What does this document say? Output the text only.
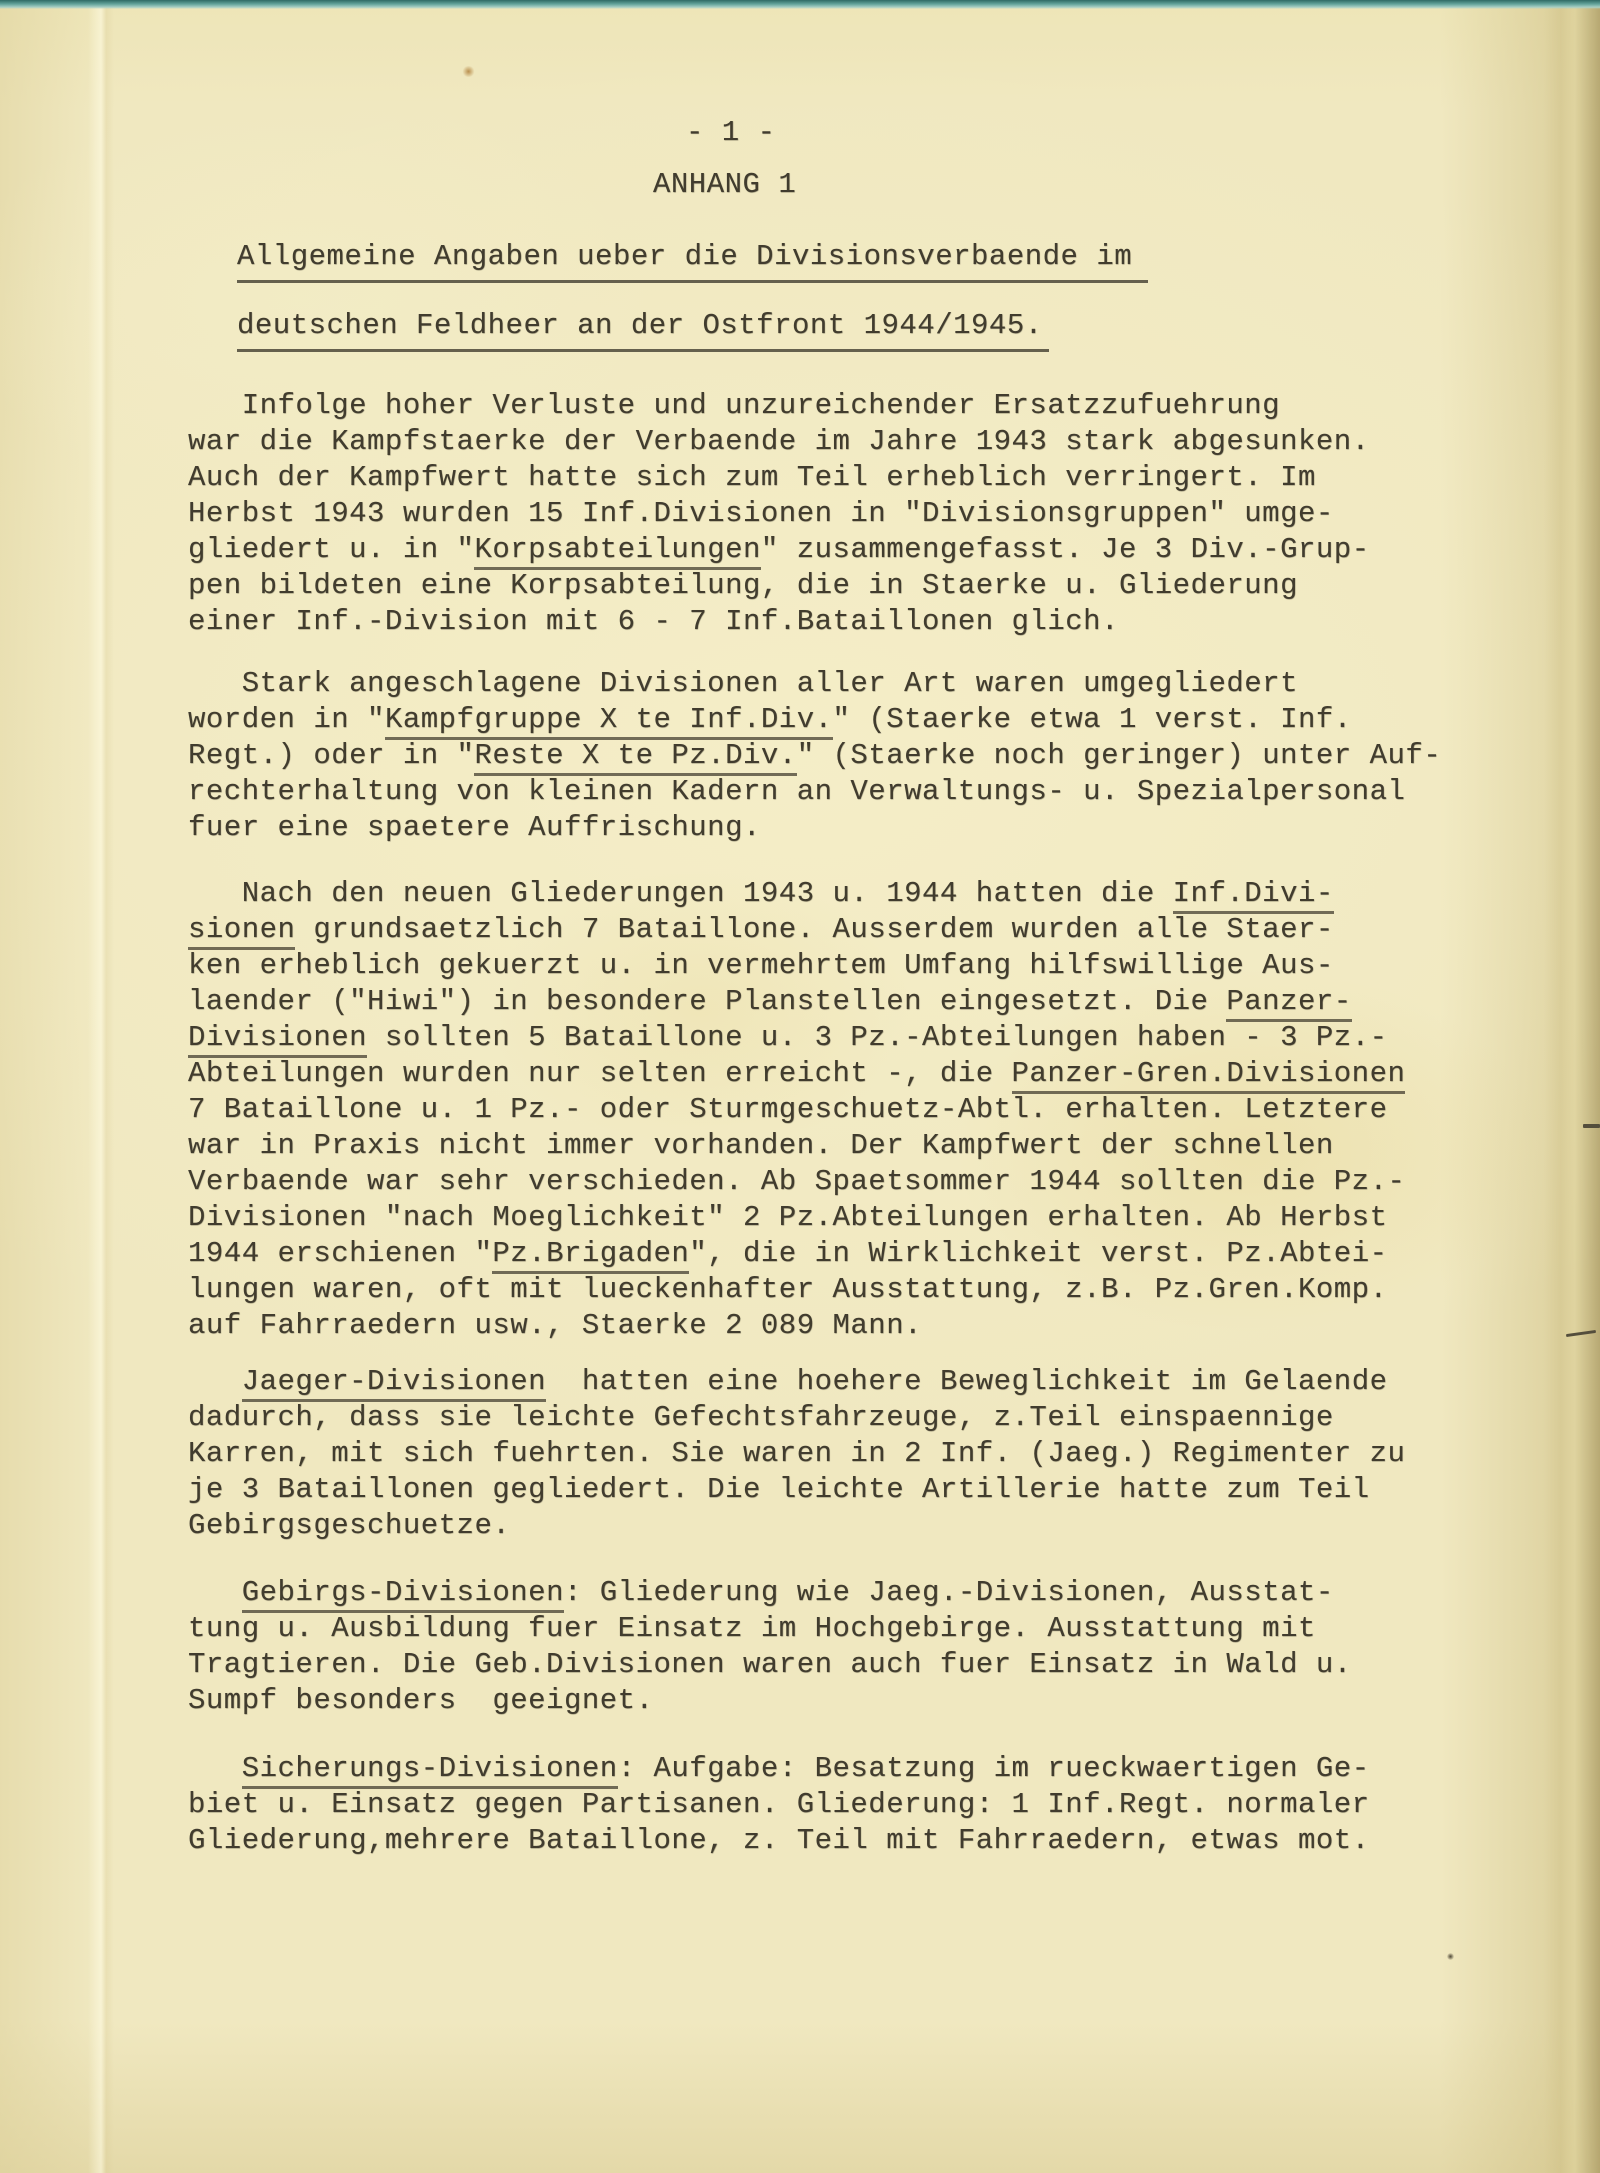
- 1 -
ANHANG 1
Allgemeine Angaben ueber die Divisionsverbaende im
deutschen Feldheer an der Ostfront 1944/1945.
Infolge hoher Verluste und unzureichender Ersatzzufuehrung
war die Kampfstaerke der Verbaende im Jahre 1943 stark abgesunken.
Auch der Kampfwert hatte sich zum Teil erheblich verringert. Im
Herbst 1943 wurden 15 Inf.Divisionen in "Divisionsgruppen" umge-
gliedert u. in "Korpsabteilungen" zusammengefasst. Je 3 Div.-Grup-
pen bildeten eine Korpsabteilung, die in Staerke u. Gliederung
einer Inf.-Division mit 6 - 7 Inf.Bataillonen glich.
Stark angeschlagene Divisionen aller Art waren umgegliedert
worden in "Kampfgruppe X te Inf.Div." (Staerke etwa 1 verst. Inf.
Regt.) oder in "Reste X te Pz.Div." (Staerke noch geringer) unter Auf-
rechterhaltung von kleinen Kadern an Verwaltungs- u. Spezialpersonal
fuer eine spaetere Auffrischung.
Nach den neuen Gliederungen 1943 u. 1944 hatten die Inf.Divi-
sionen grundsaetzlich 7 Bataillone. Ausserdem wurden alle Staer-
ken erheblich gekuerzt u. in vermehrtem Umfang hilfswillige Aus-
laender ("Hiwi") in besondere Planstellen eingesetzt. Die Panzer-
Divisionen sollten 5 Bataillone u. 3 Pz.-Abteilungen haben - 3 Pz.-
Abteilungen wurden nur selten erreicht -, die Panzer-Gren.Divisionen
7 Bataillone u. 1 Pz.- oder Sturmgeschuetz-Abtl. erhalten. Letztere
war in Praxis nicht immer vorhanden. Der Kampfwert der schnellen
Verbaende war sehr verschieden. Ab Spaetsommer 1944 sollten die Pz.-
Divisionen "nach Moeglichkeit" 2 Pz.Abteilungen erhalten. Ab Herbst
1944 erschienen "Pz.Brigaden", die in Wirklichkeit verst. Pz.Abtei-
lungen waren, oft mit lueckenhafter Ausstattung, z.B. Pz.Gren.Komp.
auf Fahrraedern usw., Staerke 2 089 Mann.
Jaeger-Divisionen  hatten eine hoehere Beweglichkeit im Gelaende
dadurch, dass sie leichte Gefechtsfahrzeuge, z.Teil einspaennige
Karren, mit sich fuehrten. Sie waren in 2 Inf. (Jaeg.) Regimenter zu
je 3 Bataillonen gegliedert. Die leichte Artillerie hatte zum Teil
Gebirgsgeschuetze.
Gebirgs-Divisionen: Gliederung wie Jaeg.-Divisionen, Ausstat-
tung u. Ausbildung fuer Einsatz im Hochgebirge. Ausstattung mit
Tragtieren. Die Geb.Divisionen waren auch fuer Einsatz in Wald u.
Sumpf besonders  geeignet.
Sicherungs-Divisionen: Aufgabe: Besatzung im rueckwaertigen Ge-
biet u. Einsatz gegen Partisanen. Gliederung: 1 Inf.Regt. normaler
Gliederung,mehrere Bataillone, z. Teil mit Fahrraedern, etwas mot.
